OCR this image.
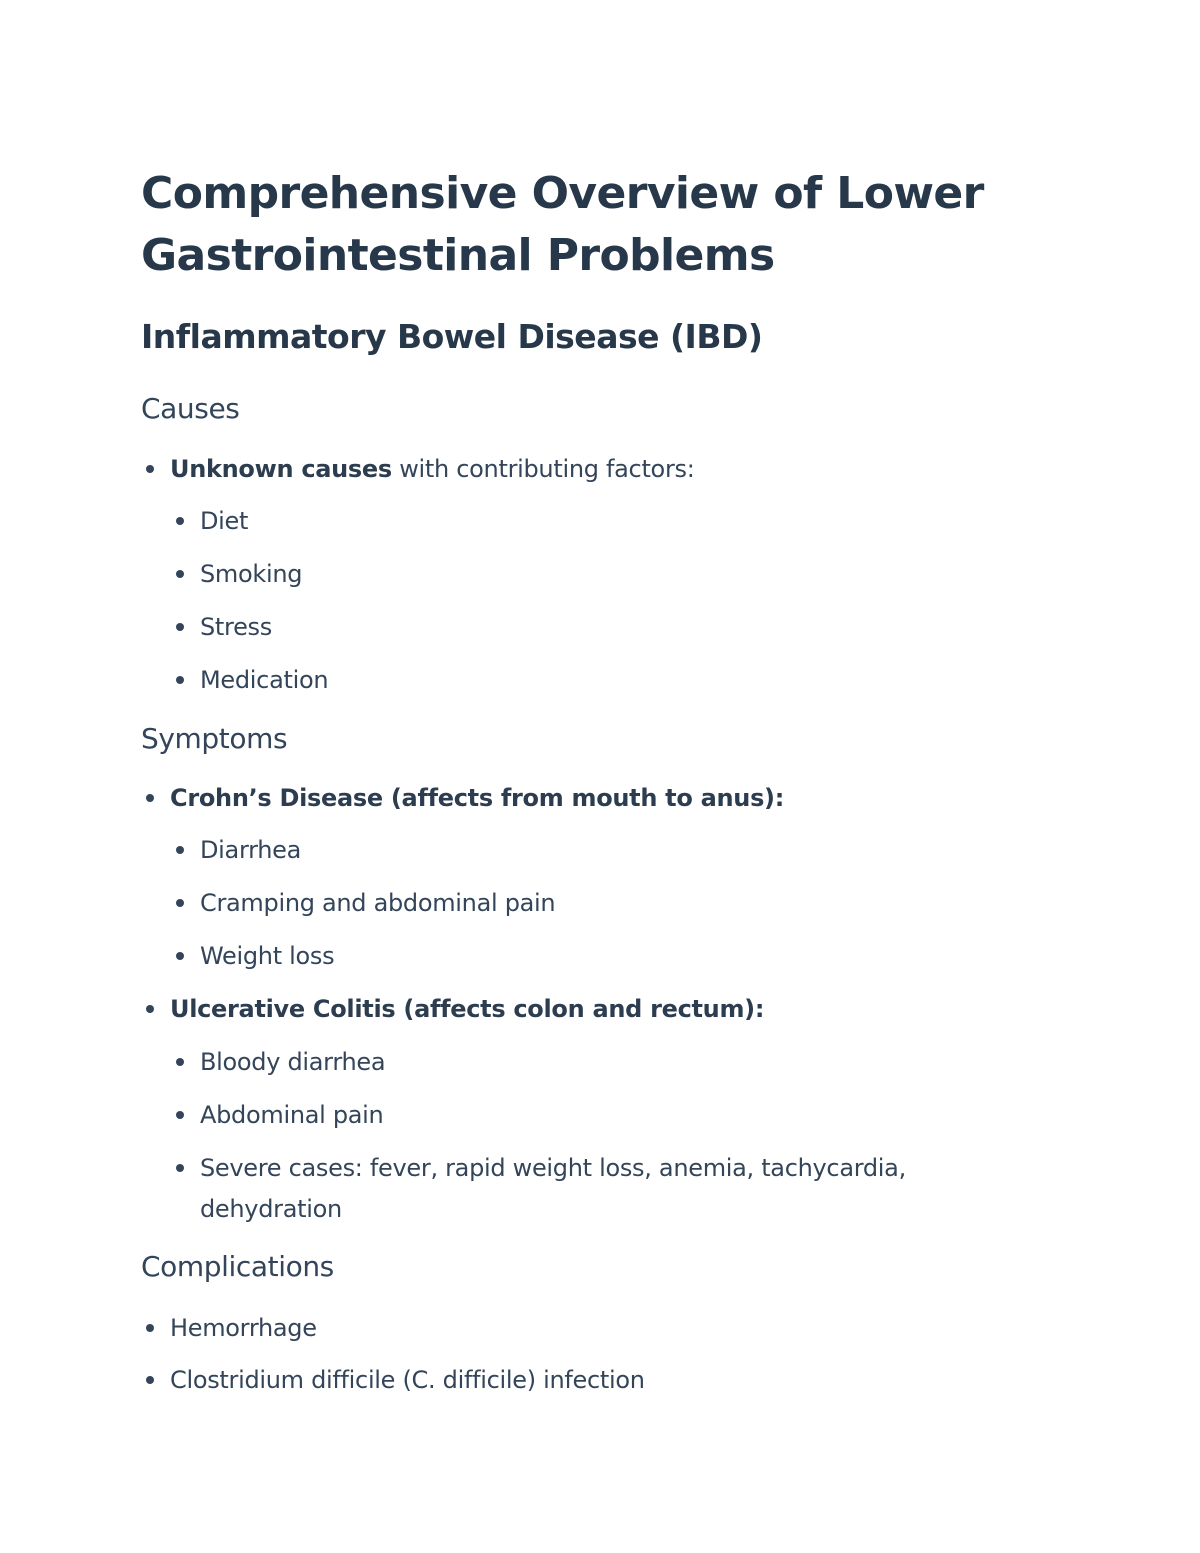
Comprehensive Overview of Lower Gastrointestinal Problems
Inflammatory Bowel Disease (IBD)
Causes
Unknown causes with contributing factors:
Diet
Smoking
Stress
Medication
Symptoms
Crohn’s Disease (affects from mouth to anus):
Diarrhea
Cramping and abdominal pain
Weight loss
Ulcerative Colitis (affects colon and rectum):
Bloody diarrhea
Abdominal pain
Severe cases: fever, rapid weight loss, anemia, tachycardia, dehydration
Complications
Hemorrhage
Clostridium difficile (C. difficile) infection
